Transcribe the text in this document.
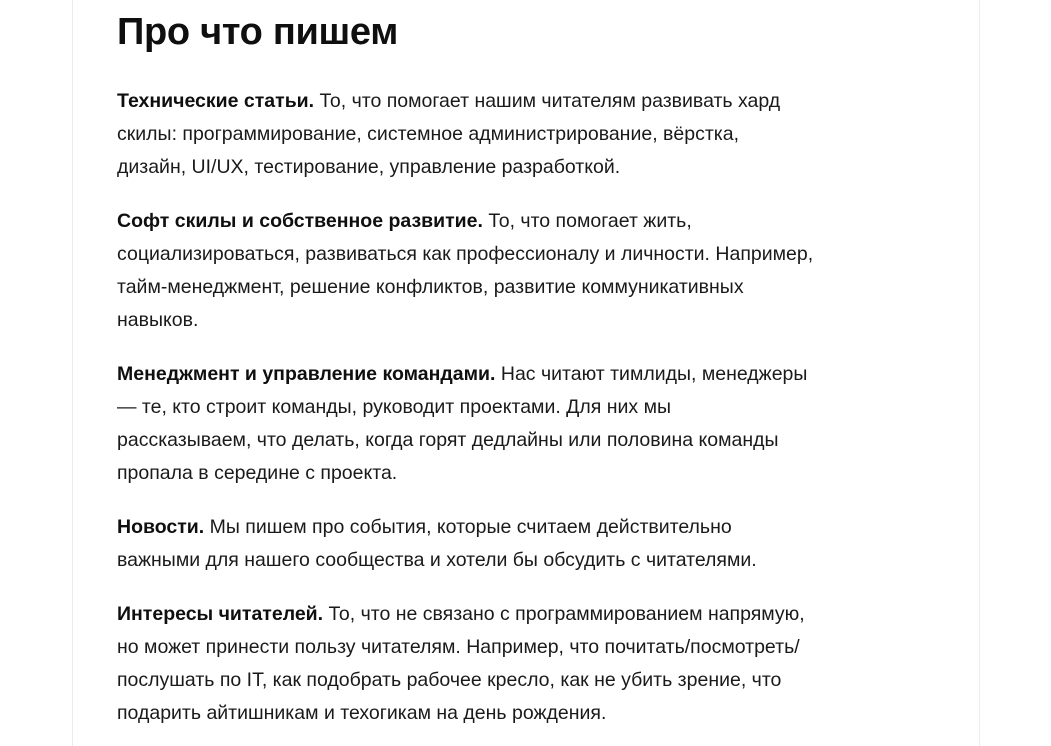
Про что пишем

Технические статьи. То, что помогает нашим читателям развивать хард
скилы: программирование, системное администрирование, вёрстка,
дизайн, UI/UX, тестирование, управление разработкой.

Софт скилы и собственное развитие. То, что помогает жить,
социализироваться, развиваться как профессионалу и личности. Например,
тайм-менеджмент, решение конфликтов, развитие коммуникативных
навыков.

Менеджмент и управление командами. Нас читают тимлиды, менеджеры
— те, кто строит команды, руководит проектами. Для них мы
рассказываем, что делать, когда горят дедлайны или половина команды
пропала в середине с проекта.

Новости. Мы пишем про события, которые считаем действительно
важными для нашего сообщества и хотели бы обсудить с читателями.

Интересы читателей. То, что не связано с программированием напрямую,
но может принести пользу читателям. Например, что почитать/посмотреть/
послушать по IT, как подобрать рабочее кресло, как не убить зрение, что
подарить айтишникам и техогикам на день рождения.
